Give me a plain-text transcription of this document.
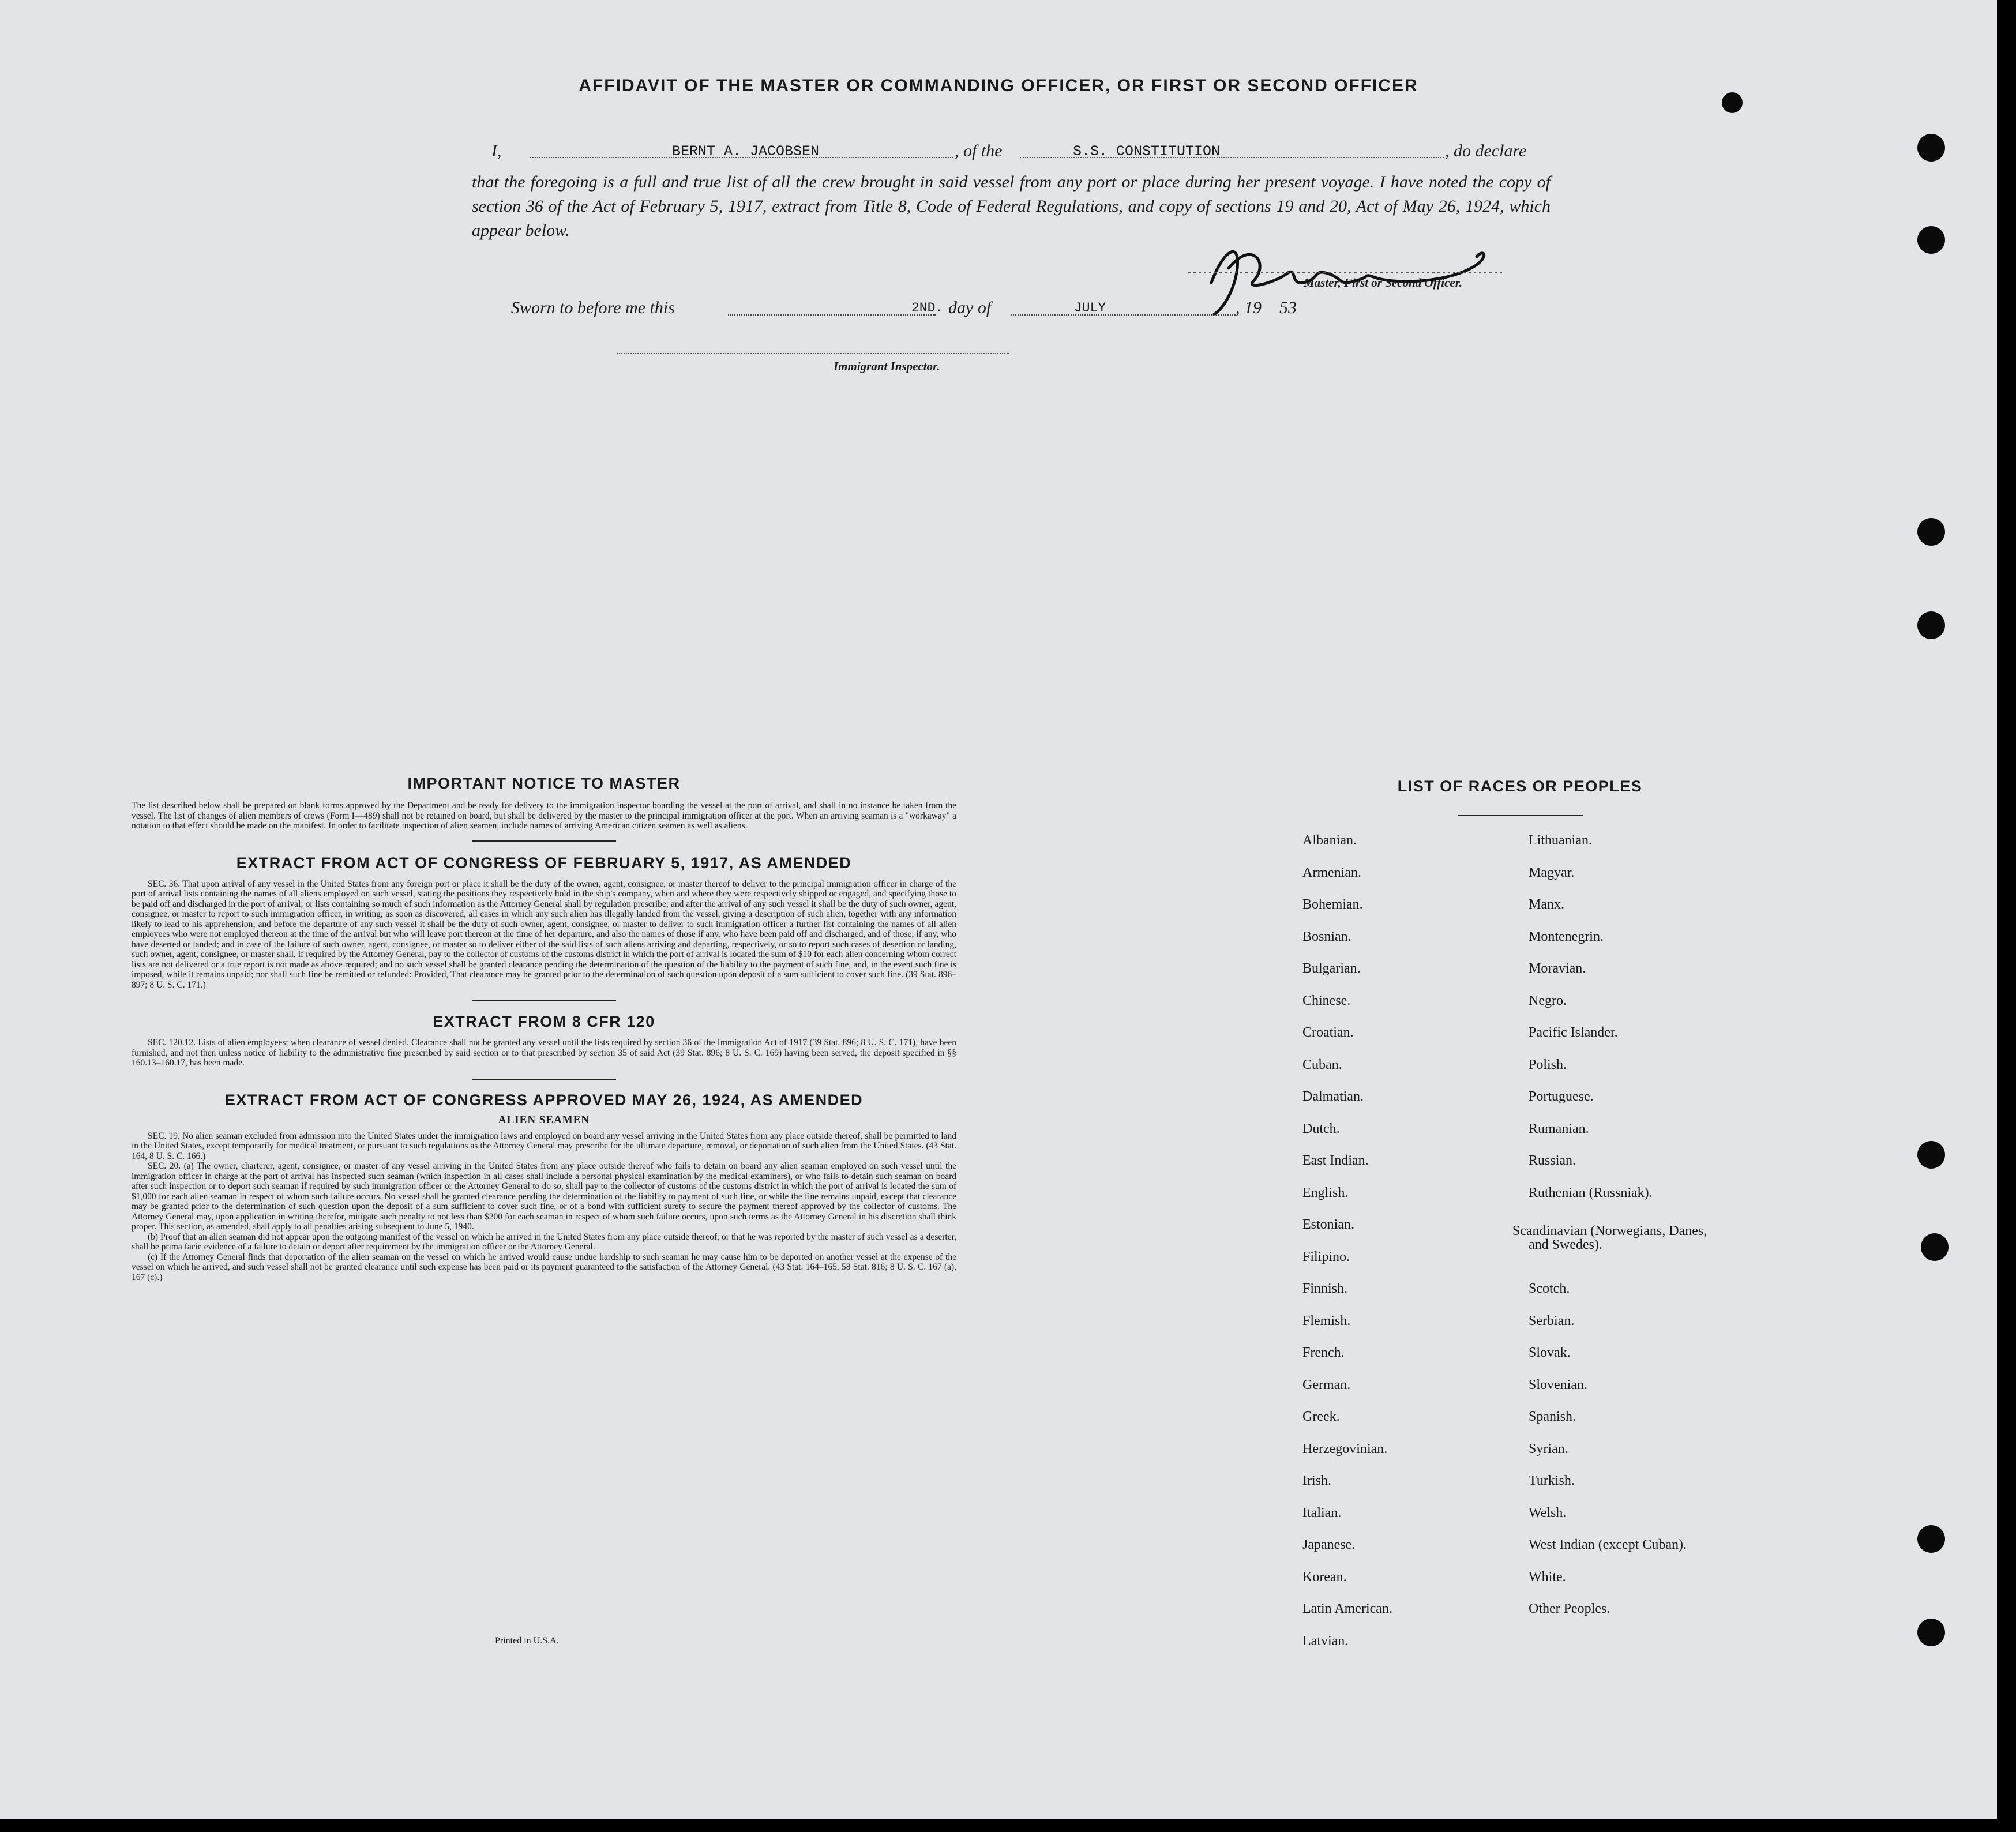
AFFIDAVIT OF THE MASTER OR COMMANDING OFFICER, OR FIRST OR SECOND OFFICER
I,	BERNT A. JACOBSEN	, of the	S.S. CONSTITUTION	, do declare
that the foregoing is a full and true list of all the crew brought in said vessel from any port or place during her present voyage. I have noted the copy of section 36 of the Act of February 5, 1917, extract from Title 8, Code of Federal Regulations, and copy of sections 19 and 20, Act of May 26, 1924, which appear below.
Master, First or Second Officer.
Sworn to before me this	2ND. day of	JULY	, 19 53
Immigrant Inspector.
IMPORTANT NOTICE TO MASTER
The list described below shall be prepared on blank forms approved by the Department and be ready for delivery to the immigration inspector boarding the vessel at the port of arrival, and shall in no instance be taken from the vessel. The list of changes of alien members of crews (Form I—489) shall not be retained on board, but shall be delivered by the master to the principal immigration officer at the port. When an arriving seaman is a "workaway" a notation to that effect should be made on the manifest. In order to facilitate inspection of alien seamen, include names of arriving American citizen seamen as well as aliens.
EXTRACT FROM ACT OF CONGRESS OF FEBRUARY 5, 1917, AS AMENDED
SEC. 36. That upon arrival of any vessel in the United States from any foreign port or place it shall be the duty of the owner, agent, consignee, or master thereof to deliver to the principal immigration officer in charge of the port of arrival lists containing the names of all aliens employed on such vessel, stating the positions they respectively hold in the ship's company, when and where they were respectively shipped or engaged, and specifying those to be paid off and discharged in the port of arrival; or lists containing so much of such information as the Attorney General shall by regulation prescribe; and after the arrival of any such vessel it shall be the duty of such owner, agent, consignee, or master to report to such immigration officer, in writing, as soon as discovered, all cases in which any such alien has illegally landed from the vessel, giving a description of such alien, together with any information likely to lead to his apprehension; and before the departure of any such vessel it shall be the duty of such owner, agent, consignee, or master to deliver to such immigration officer a further list containing the names of all alien employees who were not employed thereon at the time of the arrival but who will leave port thereon at the time of her departure, and also the names of those if any, who have been paid off and discharged, and of those, if any, who have deserted or landed; and in case of the failure of such owner, agent, consignee, or master so to deliver either of the said lists of such aliens arriving and departing, respectively, or so to report such cases of desertion or landing, such owner, agent, consignee, or master shall, if required by the Attorney General, pay to the collector of customs of the customs district in which the port of arrival is located the sum of $10 for each alien concerning whom correct lists are not delivered or a true report is not made as above required; and no such vessel shall be granted clearance pending the determination of the question of the liability to the payment of such fine, and, in the event such fine is imposed, while it remains unpaid; nor shall such fine be remitted or refunded: Provided, That clearance may be granted prior to the determination of such question upon deposit of a sum sufficient to cover such fine. (39 Stat. 896–897; 8 U. S. C. 171.)
EXTRACT FROM 8 CFR 120
SEC. 120.12. Lists of alien employees; when clearance of vessel denied. Clearance shall not be granted any vessel until the lists required by section 36 of the Immigration Act of 1917 (39 Stat. 896; 8 U. S. C. 171), have been furnished, and not then unless notice of liability to the administrative fine prescribed by said section or to that prescribed by section 35 of said Act (39 Stat. 896; 8 U. S. C. 169) having been served, the deposit specified in §§ 160.13–160.17, has been made.
EXTRACT FROM ACT OF CONGRESS APPROVED MAY 26, 1924, AS AMENDED
ALIEN SEAMEN
SEC. 19. No alien seaman excluded from admission into the United States under the immigration laws and employed on board any vessel arriving in the United States from any place outside thereof, shall be permitted to land in the United States, except temporarily for medical treatment, or pursuant to such regulations as the Attorney General may prescribe for the ultimate departure, removal, or deportation of such alien from the United States. (43 Stat. 164, 8 U. S. C. 166.)
SEC. 20. (a) The owner, charterer, agent, consignee, or master of any vessel arriving in the United States from any place outside thereof who fails to detain on board any alien seaman employed on such vessel until the immigration officer in charge at the port of arrival has inspected such seaman (which inspection in all cases shall include a personal physical examination by the medical examiners), or who fails to detain such seaman on board after such inspection or to deport such seaman if required by such immigration officer or the Attorney General to do so, shall pay to the collector of customs of the customs district in which the port of arrival is located the sum of $1,000 for each alien seaman in respect of whom such failure occurs. No vessel shall be granted clearance pending the determination of the liability to payment of such fine, or while the fine remains unpaid, except that clearance may be granted prior to the determination of such question upon the deposit of a sum sufficient to cover such fine, or of a bond with sufficient surety to secure the payment thereof approved by the collector of customs. The Attorney General may, upon application in writing therefor, mitigate such penalty to not less than $200 for each seaman in respect of whom such failure occurs, upon such terms as the Attorney General in his discretion shall think proper. This section, as amended, shall apply to all penalties arising subsequent to June 5, 1940.
(b) Proof that an alien seaman did not appear upon the outgoing manifest of the vessel on which he arrived in the United States from any place outside thereof, or that he was reported by the master of such vessel as a deserter, shall be prima facie evidence of a failure to detain or deport after requirement by the immigration officer or the Attorney General.
(c) If the Attorney General finds that deportation of the alien seaman on the vessel on which he arrived would cause undue hardship to such seaman he may cause him to be deported on another vessel at the expense of the vessel on which he arrived, and such vessel shall not be granted clearance until such expense has been paid or its payment guaranteed to the satisfaction of the Attorney General. (43 Stat. 164–165, 58 Stat. 816; 8 U. S. C. 167 (a), 167 (c).)
Printed in U.S.A.
LIST OF RACES OR PEOPLES
Albanian.
Armenian.
Bohemian.
Bosnian.
Bulgarian.
Chinese.
Croatian.
Cuban.
Dalmatian.
Dutch.
East Indian.
English.
Estonian.
Filipino.
Finnish.
Flemish.
French.
German.
Greek.
Herzegovinian.
Irish.
Italian.
Japanese.
Korean.
Latin American.
Latvian.
Lithuanian.
Magyar.
Manx.
Montenegrin.
Moravian.
Negro.
Pacific Islander.
Polish.
Portuguese.
Rumanian.
Russian.
Ruthenian (Russniak).
Scandinavian (Norwegians, Danes, and Swedes).
Scotch.
Serbian.
Slovak.
Slovenian.
Spanish.
Syrian.
Turkish.
Welsh.
West Indian (except Cuban).
White.
Other Peoples.
